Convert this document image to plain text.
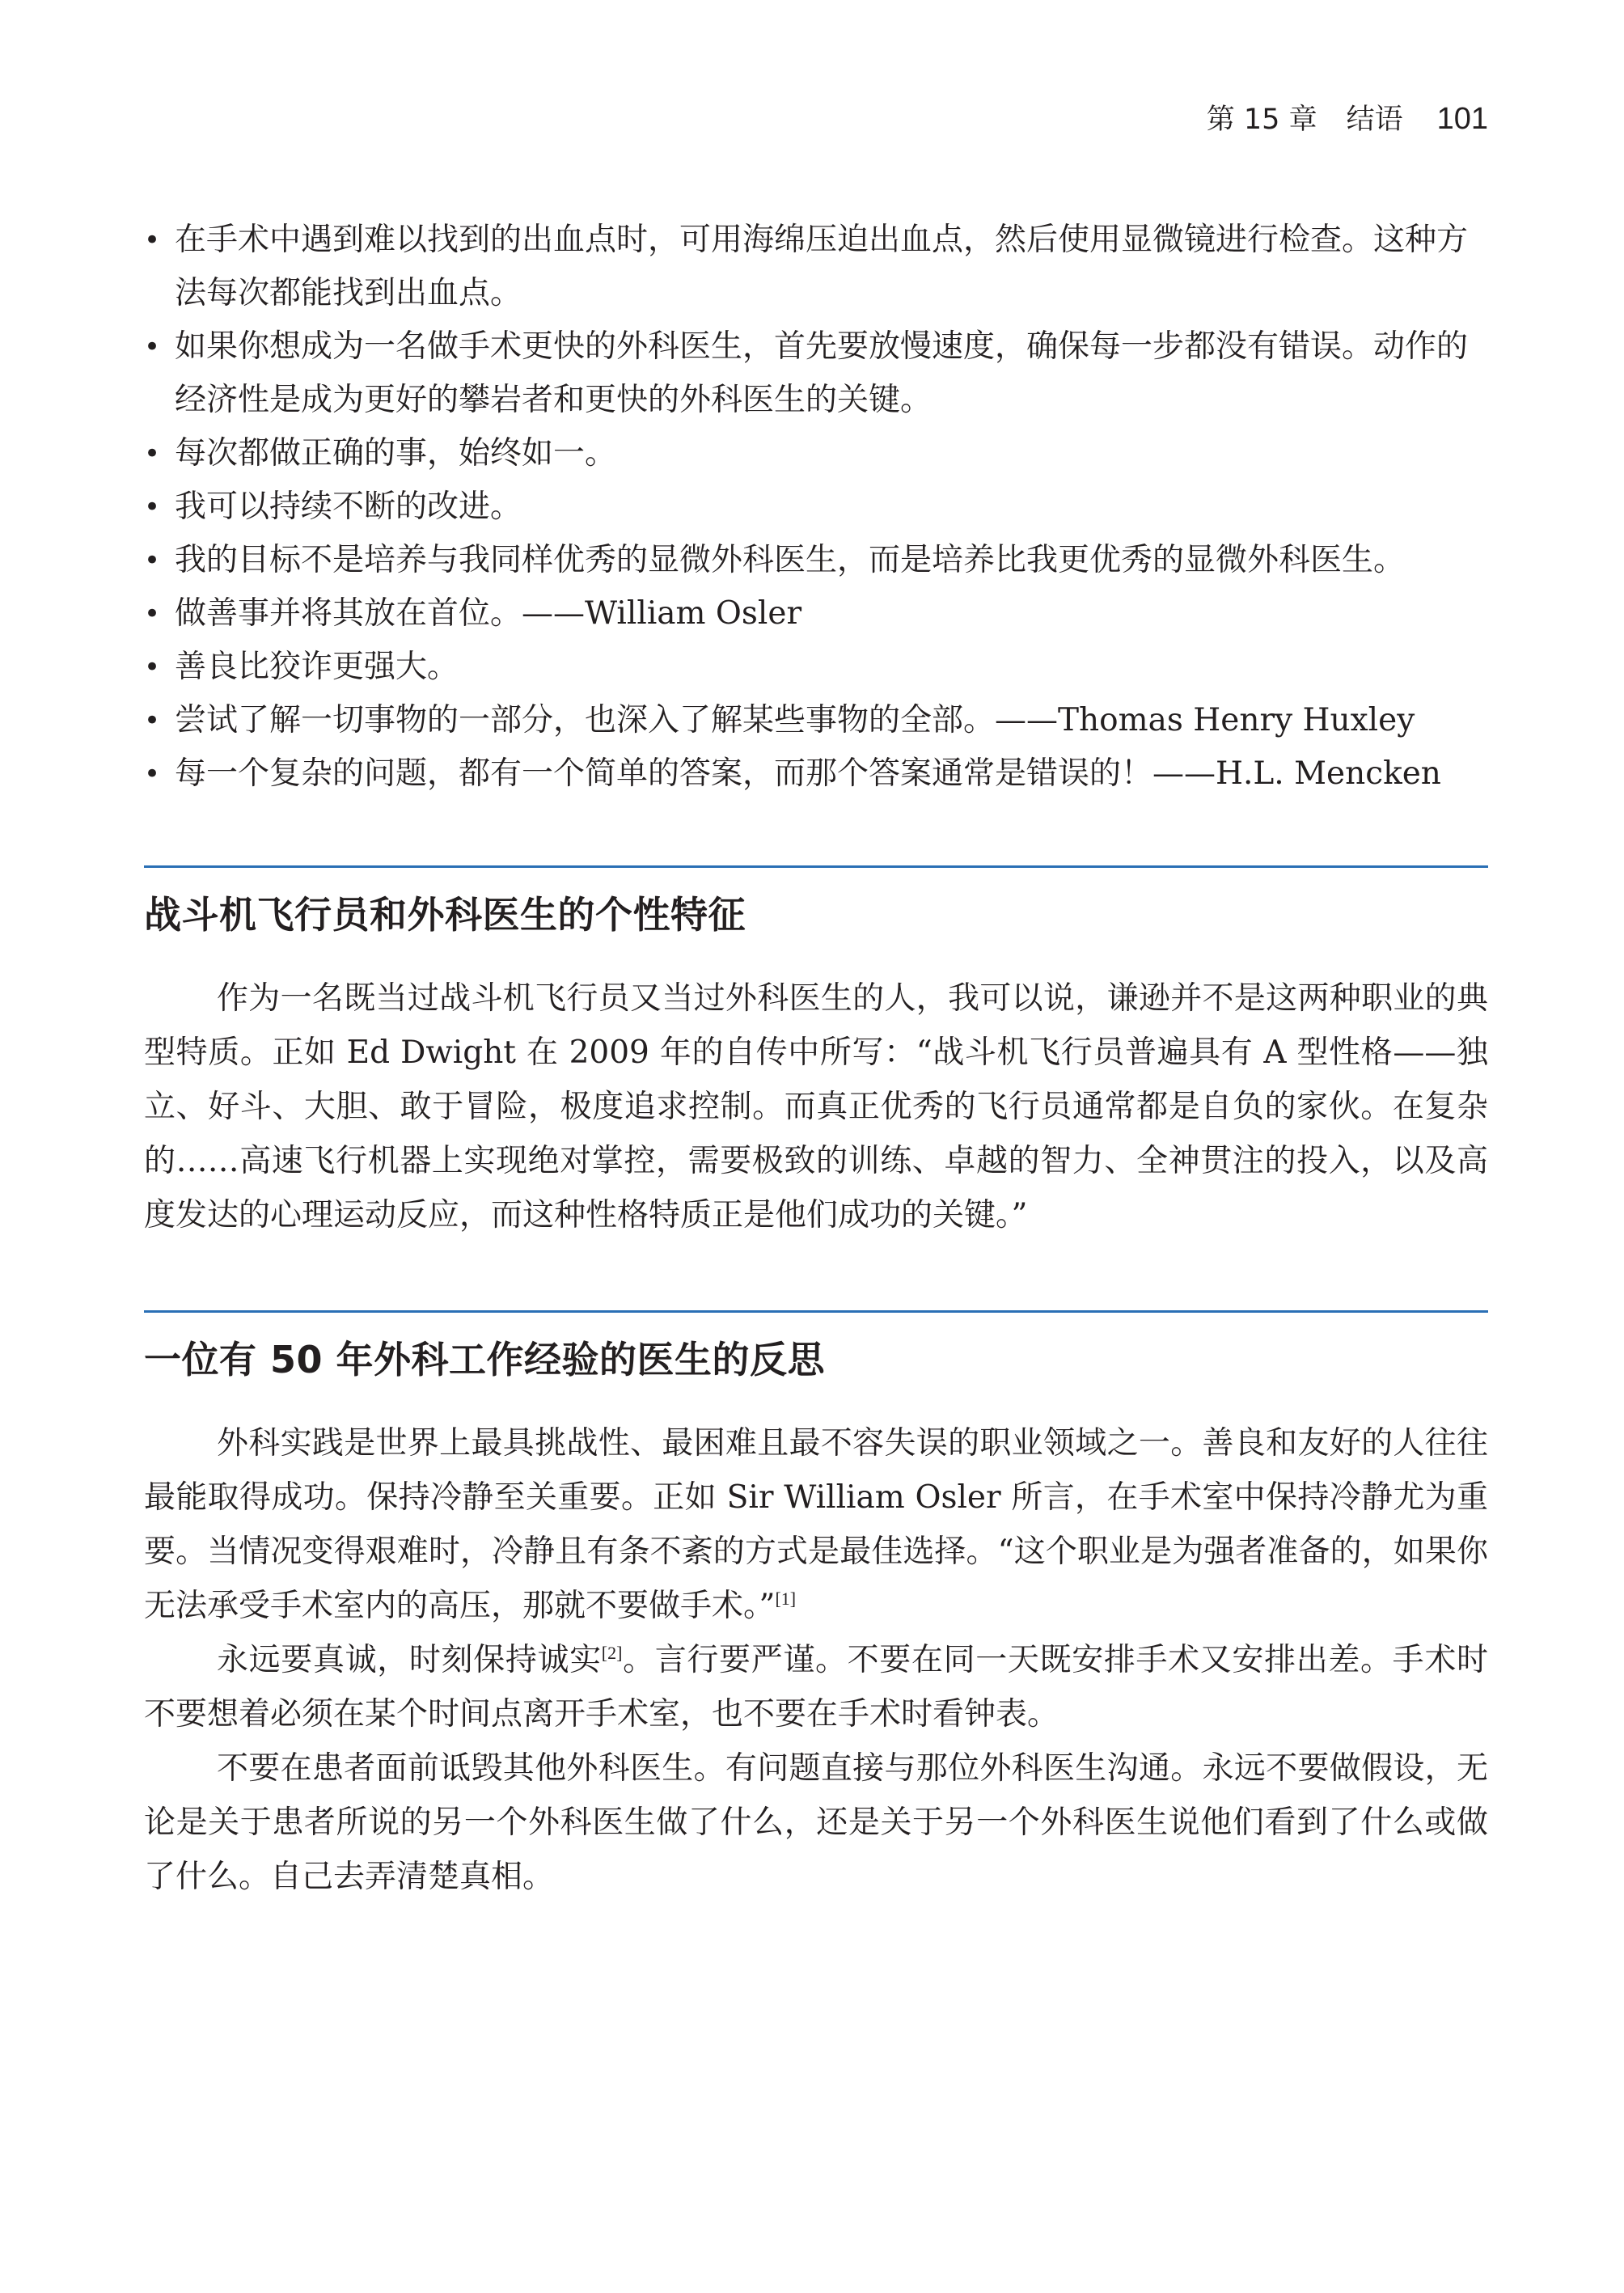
第 15 章 结语 101
• 在手术中遇到难以找到的出血点时，可用海绵压迫出血点，然后使用显微镜进行检查。这种方法每次都能找到出血点。
• 如果你想成为一名做手术更快的外科医生，首先要放慢速度，确保每一步都没有错误。动作的经济性是成为更好的攀岩者和更快的外科医生的关键。
• 每次都做正确的事，始终如一。
• 我可以持续不断的改进。
• 我的目标不是培养与我同样优秀的显微外科医生，而是培养比我更优秀的显微外科医生。
• 做善事并将其放在首位。——William Osler
• 善良比狡诈更强大。
• 尝试了解一切事物的一部分，也深入了解某些事物的全部。——Thomas Henry Huxley
• 每一个复杂的问题，都有一个简单的答案，而那个答案通常是错误的！——H.L. Mencken
战斗机飞行员和外科医生的个性特征

作为一名既当过战斗机飞行员又当过外科医生的人，我可以说，谦逊并不是这两种职业的典型特质。正如 Ed Dwight 在 2009 年的自传中所写：“战斗机飞行员普遍具有 A 型性格——独立、好斗、大胆、敢于冒险，极度追求控制。而真正优秀的飞行员通常都是自负的家伙。在复杂的……高速飞行机器上实现绝对掌控，需要极致的训练、卓越的智力、全神贯注的投入，以及高度发达的心理运动反应，而这种性格特质正是他们成功的关键。”

一位有 50 年外科工作经验的医生的反思

外科实践是世界上最具挑战性、最困难且最不容失误的职业领域之一。善良和友好的人往往最能取得成功。保持冷静至关重要。正如 Sir William Osler 所言，在手术室中保持冷静尤为重要。当情况变得艰难时，冷静且有条不紊的方式是最佳选择。“这个职业是为强者准备的，如果你无法承受手术室内的高压，那就不要做手术。”[1]

永远要真诚，时刻保持诚实[2]。言行要严谨。不要在同一天既安排手术又安排出差。手术时不要想着必须在某个时间点离开手术室，也不要在手术时看钟表。

不要在患者面前诋毁其他外科医生。有问题直接与那位外科医生沟通。永远不要做假设，无论是关于患者所说的另一个外科医生做了什么，还是关于另一个外科医生说他们看到了什么或做了什么。自己去弄清楚真相。
